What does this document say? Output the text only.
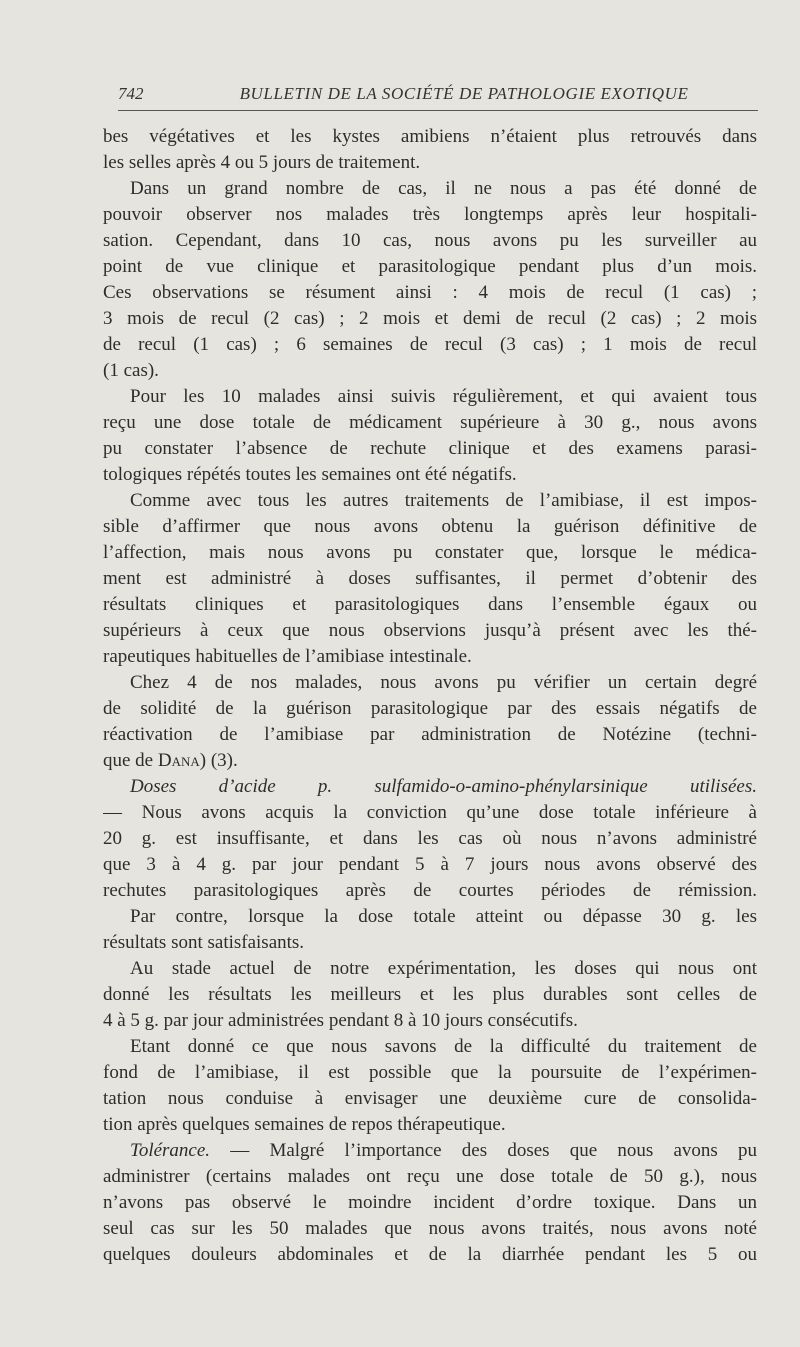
742	BULLETIN DE LA SOCIÉTÉ DE PATHOLOGIE EXOTIQUE
bes végétatives et les kystes amibiens n’étaient plus retrouvés dans
les selles après 4 ou 5 jours de traitement.
Dans un grand nombre de cas, il ne nous a pas été donné de
pouvoir observer nos malades très longtemps après leur hospitali-
sation. Cependant, dans 10 cas, nous avons pu les surveiller au
point de vue clinique et parasitologique pendant plus d’un mois.
Ces observations se résument ainsi : 4 mois de recul (1 cas) ;
3 mois de recul (2 cas) ; 2 mois et demi de recul (2 cas) ; 2 mois
de recul (1 cas) ; 6 semaines de recul (3 cas) ; 1 mois de recul
(1 cas).
Pour les 10 malades ainsi suivis régulièrement, et qui avaient tous
reçu une dose totale de médicament supérieure à 30 g., nous avons
pu constater l’absence de rechute clinique et des examens parasi-
tologiques répétés toutes les semaines ont été négatifs.
Comme avec tous les autres traitements de l’amibiase, il est impos-
sible d’affirmer que nous avons obtenu la guérison définitive de
l’affection, mais nous avons pu constater que, lorsque le médica-
ment est administré à doses suffisantes, il permet d’obtenir des
résultats cliniques et parasitologiques dans l’ensemble égaux ou
supérieurs à ceux que nous observions jusqu’à présent avec les thé-
rapeutiques habituelles de l’amibiase intestinale.
Chez 4 de nos malades, nous avons pu vérifier un certain degré
de solidité de la guérison parasitologique par des essais négatifs de
réactivation de l’amibiase par administration de Notézine (techni-
que de Dana) (3).
Doses d’acide p. sulfamido-o-amino-phénylarsinique utilisées.
— Nous avons acquis la conviction qu’une dose totale inférieure à
20 g. est insuffisante, et dans les cas où nous n’avons administré
que 3 à 4 g. par jour pendant 5 à 7 jours nous avons observé des
rechutes parasitologiques après de courtes périodes de rémission.
Par contre, lorsque la dose totale atteint ou dépasse 30 g. les
résultats sont satisfaisants.
Au stade actuel de notre expérimentation, les doses qui nous ont
donné les résultats les meilleurs et les plus durables sont celles de
4 à 5 g. par jour administrées pendant 8 à 10 jours consécutifs.
Etant donné ce que nous savons de la difficulté du traitement de
fond de l’amibiase, il est possible que la poursuite de l’expérimen-
tation nous conduise à envisager une deuxième cure de consolida-
tion après quelques semaines de repos thérapeutique.
Tolérance. — Malgré l’importance des doses que nous avons pu
administrer (certains malades ont reçu une dose totale de 50 g.), nous
n’avons pas observé le moindre incident d’ordre toxique. Dans un
seul cas sur les 50 malades que nous avons traités, nous avons noté
quelques douleurs abdominales et de la diarrhée pendant les 5 ou
